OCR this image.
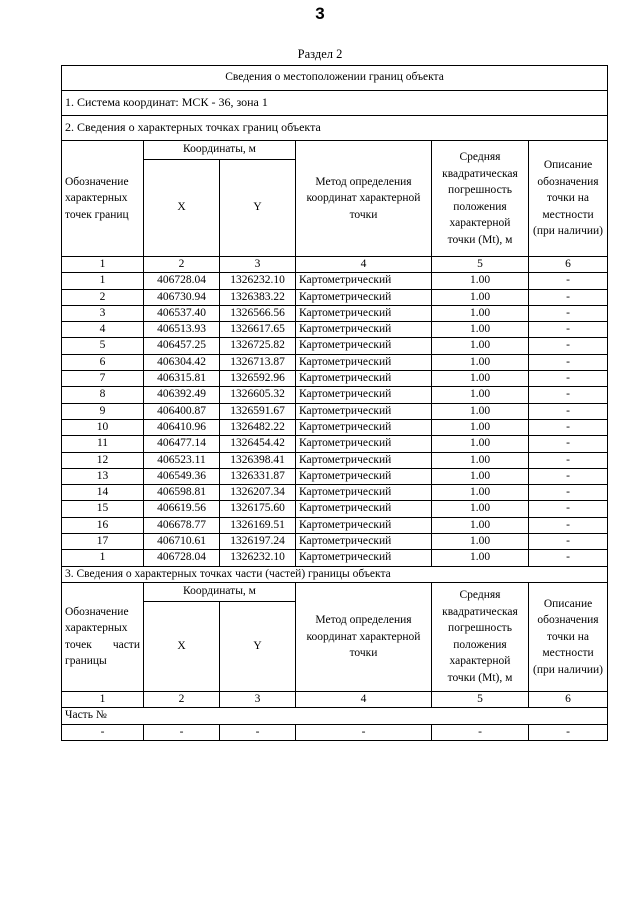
3
Раздел 2
Сведения о местоположении границ объекта					
1. Система координат: МСК - 36, зона 1					
2. Сведения о характерных точках границ объекта					
Обозначение характерных точек границ	Координаты, м		Метод определения координат характерной точки	Средняя квадратическая погрешность положения характерной точки (Mt), м	Описание обозначения точки на местности (при наличии)
	X	Y			
1	2	3	4	5	6
1	406728.04	1326232.10	Картометрический	1.00	-
2	406730.94	1326383.22	Картометрический	1.00	-
3	406537.40	1326566.56	Картометрический	1.00	-
4	406513.93	1326617.65	Картометрический	1.00	-
5	406457.25	1326725.82	Картометрический	1.00	-
6	406304.42	1326713.87	Картометрический	1.00	-
7	406315.81	1326592.96	Картометрический	1.00	-
8	406392.49	1326605.32	Картометрический	1.00	-
9	406400.87	1326591.67	Картометрический	1.00	-
10	406410.96	1326482.22	Картометрический	1.00	-
11	406477.14	1326454.42	Картометрический	1.00	-
12	406523.11	1326398.41	Картометрический	1.00	-
13	406549.36	1326331.87	Картометрический	1.00	-
14	406598.81	1326207.34	Картометрический	1.00	-
15	406619.56	1326175.60	Картометрический	1.00	-
16	406678.77	1326169.51	Картометрический	1.00	-
17	406710.61	1326197.24	Картометрический	1.00	-
1	406728.04	1326232.10	Картометрический	1.00	-
3. Сведения о характерных точках части (частей) границы объекта					
Обозначение характерных точек части границы	Координаты, м		Метод определения координат характерной точки	Средняя квадратическая погрешность положения характерной точки (Mt), м	Описание обозначения точки на местности (при наличии)
	X	Y			
1	2	3	4	5	6
Часть №					
-	-	-	-	-	-
